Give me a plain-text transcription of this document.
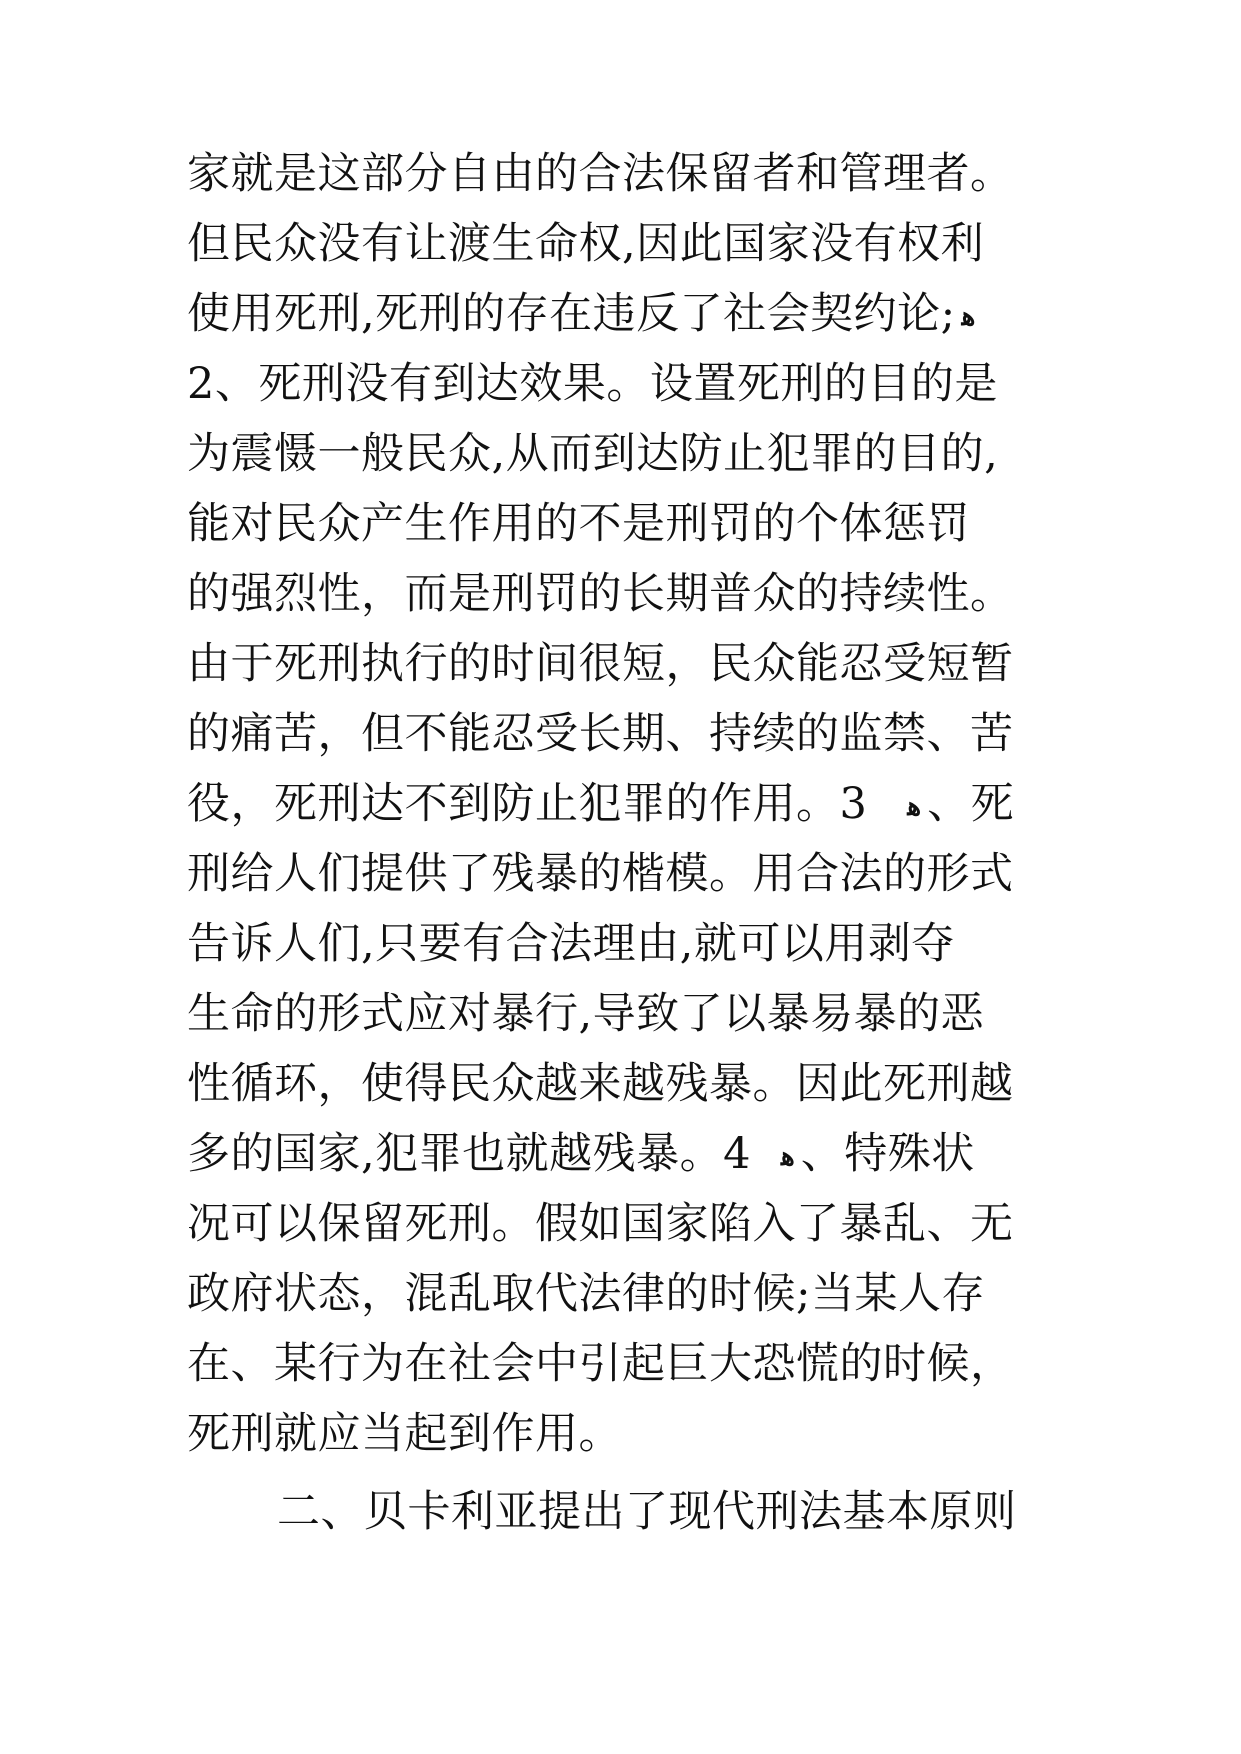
家就是这部分自由的合法保留者和管理者。
但民众没有让渡生命权,因此国家没有权利
使用死刑,死刑的存在违反了社会契约论; ﻫ
2、死刑没有到达效果。设置死刑的目的是
为震慑一般民众,从而到达防止犯罪的目的,
能对民众产生作用的不是刑罚的个体惩罚
的强烈性，而是刑罚的长期普众的持续性。
由于死刑执行的时间很短，民众能忍受短暂
的痛苦，但不能忍受长期、持续的监禁、苦
役，死刑达不到防止犯罪的作用。3 ﻫ 、死
刑给人们提供了残暴的楷模。用合法的形式
告诉人们,只要有合法理由,就可以用剥夺
生命的形式应对暴行,导致了以暴易暴的恶
性循环，使得民众越来越残暴。因此死刑越
多的国家,犯罪也就越残暴。4 ﻫ 、特殊状
况可以保留死刑。假如国家陷入了暴乱、无
政府状态，混乱取代法律的时候;当某人存
在、某行为在社会中引起巨大恐慌的时候，
死刑就应当起到作用。
二、贝卡利亚提出了现代刑法基本原则
